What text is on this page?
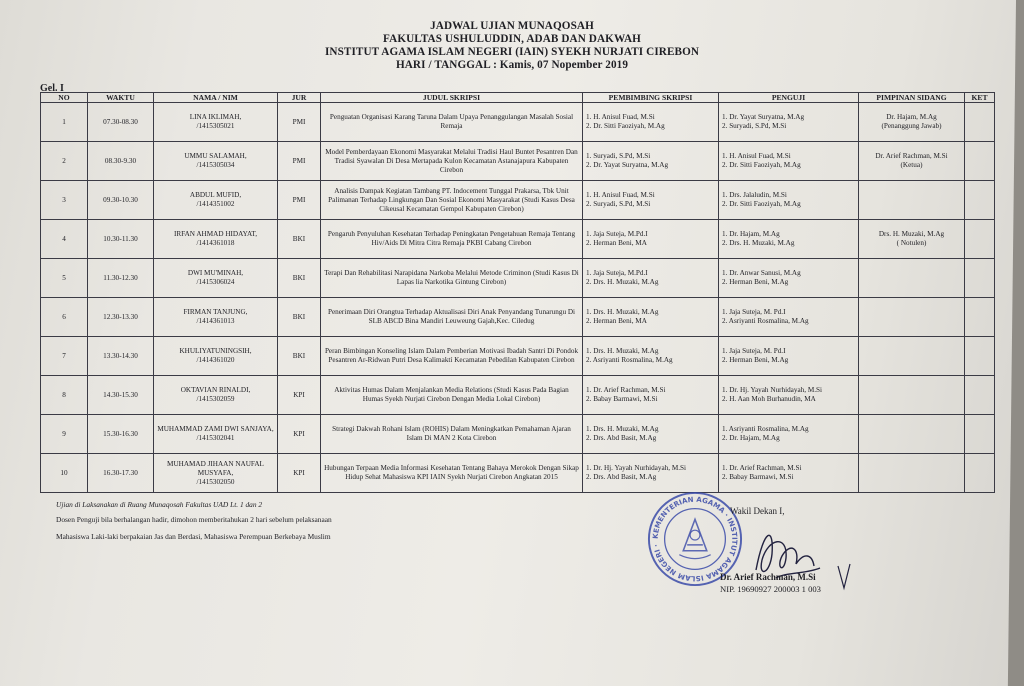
JADWAL UJIAN MUNAQOSAH
FAKULTAS USHULUDDIN, ADAB DAN DAKWAH
INSTITUT AGAMA ISLAM NEGERI (IAIN) SYEKH NURJATI CIREBON
HARI / TANGGAL : Kamis, 07 Nopember 2019
Gel. I
NO	WAKTU	NAMA / NIM	JUR	JUDUL SKRIPSI	PEMBIMBING SKRIPSI	PENGUJI	PIMPINAN SIDANG	KET
1	07.30-08.30	LINA IKLIMAH,
/1415305021	PMI	Penguatan Organisasi Karang Taruna Dalam Upaya Penanggulangan Masalah Sosial Remaja	1. H. Anisul Fuad, M.Si
2. Dr. Sitti Faoziyah, M.Ag	1. Dr. Yayat Suryatna, M.Ag
2. Suryadi, S.Pd, M.Si	Dr. Hajam, M.Ag
(Penanggung Jawab)	

2	08.30-9.30	UMMU SALAMAH,
/1415305034	PMI	Model Pemberdayaan Ekonomi Masyarakat Melalui Tradisi Haul Buntet Pesantren Dan Tradisi Syawalan Di Desa Mertapada Kulon Kecamatan Astanajapura Kabupaten Cirebon	1. Suryadi, S.Pd, M.Si
2. Dr. Yayat Suryatna, M.Ag	1. H. Anisul Fuad, M.Si
2. Dr. Sitti Faoziyah, M.Ag	Dr. Arief Rachman, M.Si
(Ketua)	

3	09.30-10.30	ABDUL MUFID,
/1414351002	PMI	Analisis Dampak Kegiatan Tambang PT. Indocement Tunggal Prakarsa, Tbk Unit Palimanan Terhadap Lingkungan Dan Sosial Ekonomi Masyarakat (Studi Kasus Desa Cikeusal Kecamatan Gempol Kabupaten Cirebon)	1. H. Anisul Fuad, M.Si
2. Suryadi, S.Pd, M.Si	1. Drs. Jalaludin, M.Si
2. Dr. Sitti Faoziyah, M.Ag		

4	10.30-11.30	IRFAN AHMAD HIDAYAT,
/1414361018	BKI	Pengaruh Penyuluhan Kesehatan Terhadap Peningkatan Pengetahuan Remaja Tentang Hiv/Aids Di Mitra Citra Remaja PKBI Cabang Cirebon	1. Jaja Suteja, M.Pd.I
2. Herman Beni, MA	1. Dr. Hajam, M.Ag
2. Drs. H. Muzaki, M.Ag	Drs. H. Muzaki, M.Ag
( Notulen)	

5	11.30-12.30	DWI MU'MINAH,
/1415306024	BKI	Terapi Dan Rehabilitasi Narapidana Narkoba Melalui Metode Criminon (Studi Kasus Di Lapas lia Narkotika Gintung Cirebon)	1. Jaja Suteja, M.Pd.I
2. Drs. H. Muzaki, M.Ag	1. Dr. Anwar Sanusi, M.Ag
2. Herman Beni, M.Ag		

6	12.30-13.30	FIRMAN TANJUNG,
/1414361013	BKI	Penerimaan Diri Orangtua Terhadap Aktualisasi Diri Anak Penyandang Tunarungu Di SLB ABCD Bina Mandiri Leuweung Gajah,Kec. Ciledug	1. Drs. H. Muzaki, M.Ag
2. Herman Beni, MA	1. Jaja Suteja, M. Pd.I
2. Asriyanti Rosmalina, M.Ag		

7	13.30-14.30	KHULIYATUNINGSIH,
/1414361020	BKI	Peran Bimbingan Konseling Islam Dalam Pemberian Motivasi Ibadah Santri Di Pondok Pesantren Ar-Ridwan Putri Desa Kalimaktí Kecamatan Pebedilan Kabupaten Cirebon	1. Drs. H. Muzaki, M.Ag
2. Asriyanti Rosmalina, M.Ag	1. Jaja Suteja, M. Pd.I
2. Herman Beni, M.Ag		

8	14.30-15.30	OKTAVIAN RINALDI,
/1415302059	KPI	Aktivitas Humas Dalam Menjalankan Media Relations (Studi Kasus Pada Bagian Humas Syekh Nurjati Cirebon Dengan Media Lokal Cirebon)	1. Dr. Arief Rachman, M.Si
2. Babay Barmawi, M.Si	1. Dr. Hj. Yayah Nurhidayah, M.Si
2. H. Aan Moh Burhanudin, MA		

9	15.30-16.30	MUHAMMAD ZAMI DWI SANJAYA,
/1415302041	KPI	Strategi Dakwah Rohani Islam (ROHIS) Dalam Meningkatkan Pemahaman Ajaran Islam Di MAN 2 Kota Cirebon	1. Drs. H. Muzaki, M.Ag
2. Drs. Abd Basit, M.Ag	1. Asriyanti Rosmalina, M.Ag
2. Dr. Hajam, M.Ag		

10	16.30-17.30	MUHAMAD JIHAAN NAUFAL MUSYAFA,
/1415302050	KPI	Hubungan Terpaan Media Informasi Kesehatan Tentang Bahaya Merokok Dengan Sikap Hidup Sehat Mahasiswa KPI IAIN Syekh Nurjati Cirebon Angkatan 2015	1. Dr. Hj. Yayah Nurhidayah, M.Si
2. Drs. Abd Basit, M.Ag	1. Dr. Arief Rachman, M.Si
2. Babay Barmawi, M.Si		

Ujian di Laksanakan di Ruang Munaqosah Fakultas UAD Lt. 1 dan 2
Dosen Penguji bila berhalangan hadir, dimohon memberitahukan 2 hari sebelum pelaksanaan
Mahasiswa Laki-laki berpakaian Jas dan Berdasi, Mahasiswa Perempuan Berkebaya Muslim	KEMENTERIAN AGAMA · INSTITUT AGAMA ISLAM NEGERI ·
Wakil Dekan I,
Dr. Arief Rachman, M.Si
NIP. 19690927 200003 1 003
